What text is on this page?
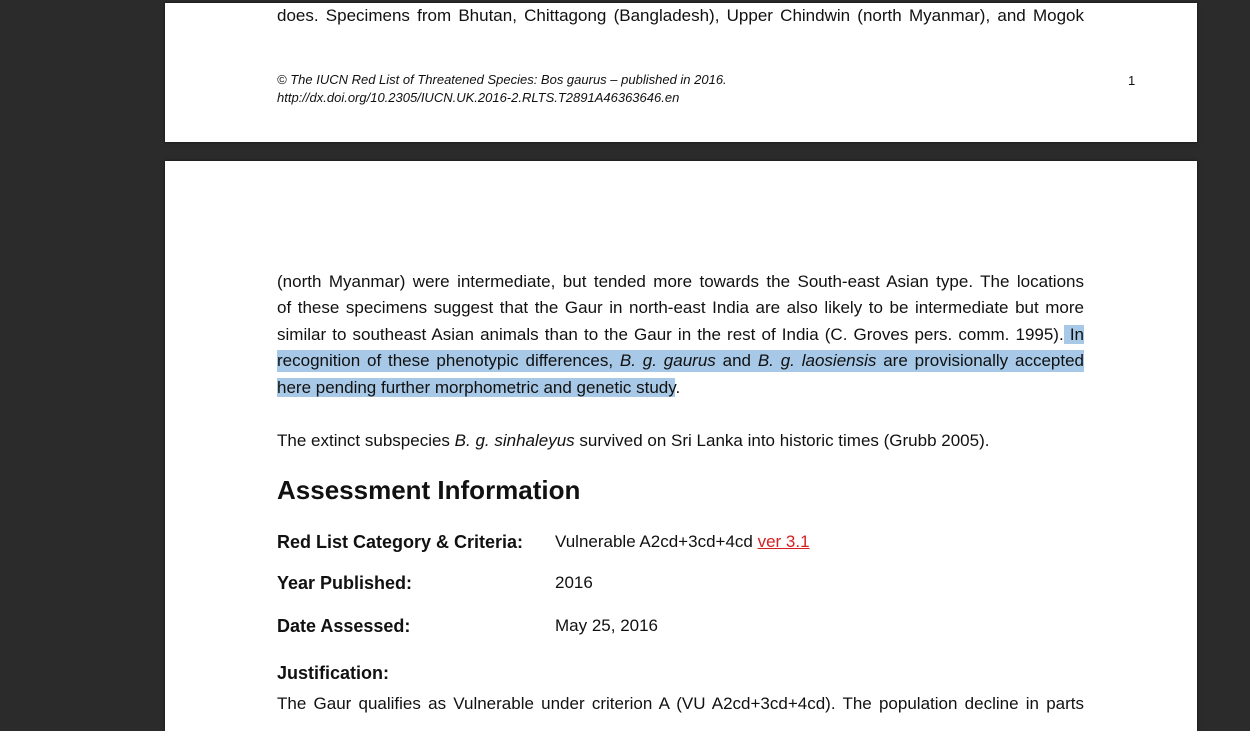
does. Specimens from Bhutan, Chittagong (Bangladesh), Upper Chindwin (north Myanmar), and Mogok
© The IUCN Red List of Threatened Species: Bos gaurus – published in 2016.
http://dx.doi.org/10.2305/IUCN.UK.2016-2.RLTS.T2891A46363646.en
1
(north Myanmar) were intermediate, but tended more towards the South-east Asian type. The locations
of these specimens suggest that the Gaur in north-east India are also likely to be intermediate but more
similar to southeast Asian animals than to the Gaur in the rest of India (C. Groves pers. comm. 1995). In
recognition of these phenotypic differences, B. g. gaurus and B. g. laosiensis are provisionally accepted
here pending further morphometric and genetic study.
The extinct subspecies B. g. sinhaleyus survived on Sri Lanka into historic times (Grubb 2005).
Assessment Information
Red List Category & Criteria: Vulnerable A2cd+3cd+4cd ver 3.1
Year Published:	2016
Date Assessed:	May 25, 2016
Justification:
The Gaur qualifies as Vulnerable under criterion A (VU A2cd+3cd+4cd). The population decline in parts
